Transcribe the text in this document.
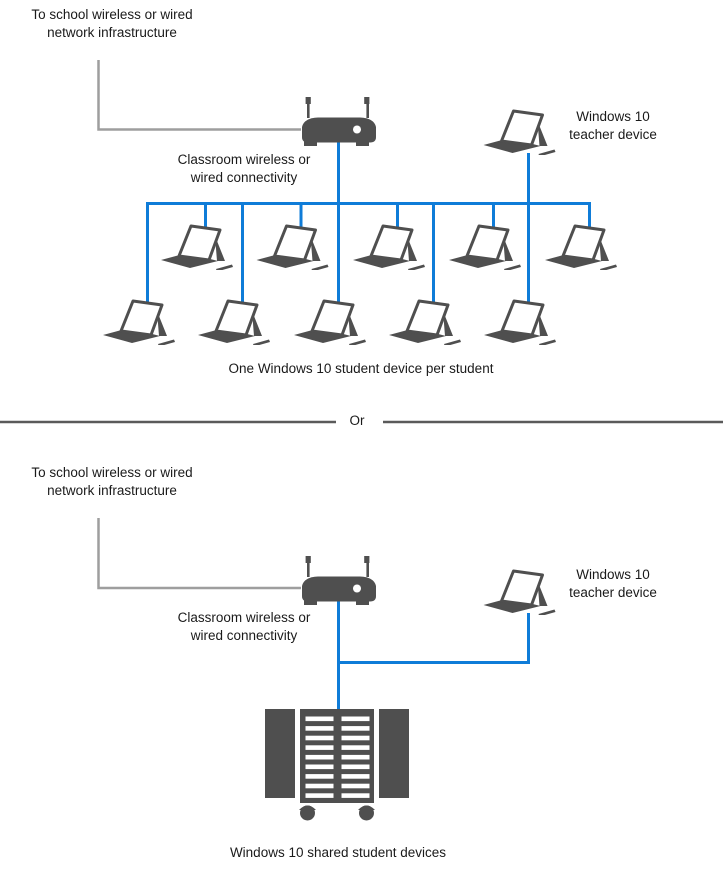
To school wireless or wired
network infrastructure
Classroom wireless or
wired connectivity
Windows 10
teacher device
One Windows 10 student device per student
Or
To school wireless or wired
network infrastructure
Classroom wireless or
wired connectivity
Windows 10
teacher device
Windows 10 shared student devices
